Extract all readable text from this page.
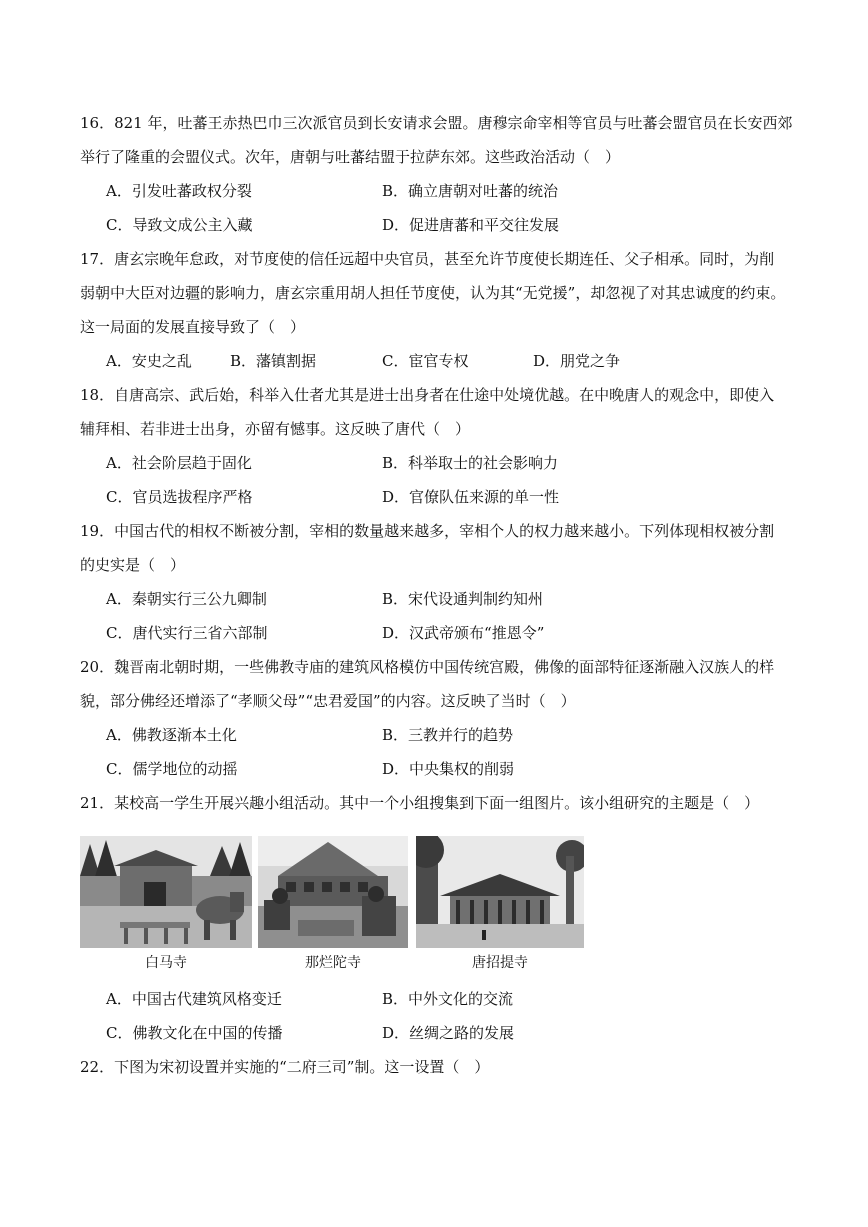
16．821 年，吐蕃王赤热巴巾三次派官员到长安请求会盟。唐穆宗命宰相等官员与吐蕃会盟官员在长安西郊
举行了隆重的会盟仪式。次年，唐朝与吐蕃结盟于拉萨东郊。这些政治活动（　）
A．引发吐蕃政权分裂	B．确立唐朝对吐蕃的统治
C．导致文成公主入藏	D．促进唐蕃和平交往发展
17．唐玄宗晚年怠政，对节度使的信任远超中央官员，甚至允许节度使长期连任、父子相承。同时，为削
弱朝中大臣对边疆的影响力，唐玄宗重用胡人担任节度使，认为其“无党援”，却忽视了对其忠诚度的约束。
这一局面的发展直接导致了（　）
A．安史之乱	B．藩镇割据	C．宦官专权	D．朋党之争
18．自唐高宗、武后始，科举入仕者尤其是进士出身者在仕途中处境优越。在中晚唐人的观念中，即使入
辅拜相、若非进士出身，亦留有憾事。这反映了唐代（　）
A．社会阶层趋于固化	B．科举取士的社会影响力
C．官员选拔程序严格	D．官僚队伍来源的单一性
19．中国古代的相权不断被分割，宰相的数量越来越多，宰相个人的权力越来越小。下列体现相权被分割
的史实是（　）
A．秦朝实行三公九卿制	B．宋代设通判制约知州
C．唐代实行三省六部制	D．汉武帝颁布“推恩令”
20．魏晋南北朝时期，一些佛教寺庙的建筑风格模仿中国传统宫殿，佛像的面部特征逐渐融入汉族人的样
貌，部分佛经还增添了“孝顺父母”“忠君爱国”的内容。这反映了当时（　）
A．佛教逐渐本土化	B．三教并行的趋势
C．儒学地位的动摇	D．中央集权的削弱
21．某校高一学生开展兴趣小组活动。其中一个小组搜集到下面一组图片。该小组研究的主题是（　）
白马寺	那烂陀寺	唐招提寺
A．中国古代建筑风格变迁	B．中外文化的交流
C．佛教文化在中国的传播	D．丝绸之路的发展
22．下图为宋初设置并实施的“二府三司”制。这一设置（　）
